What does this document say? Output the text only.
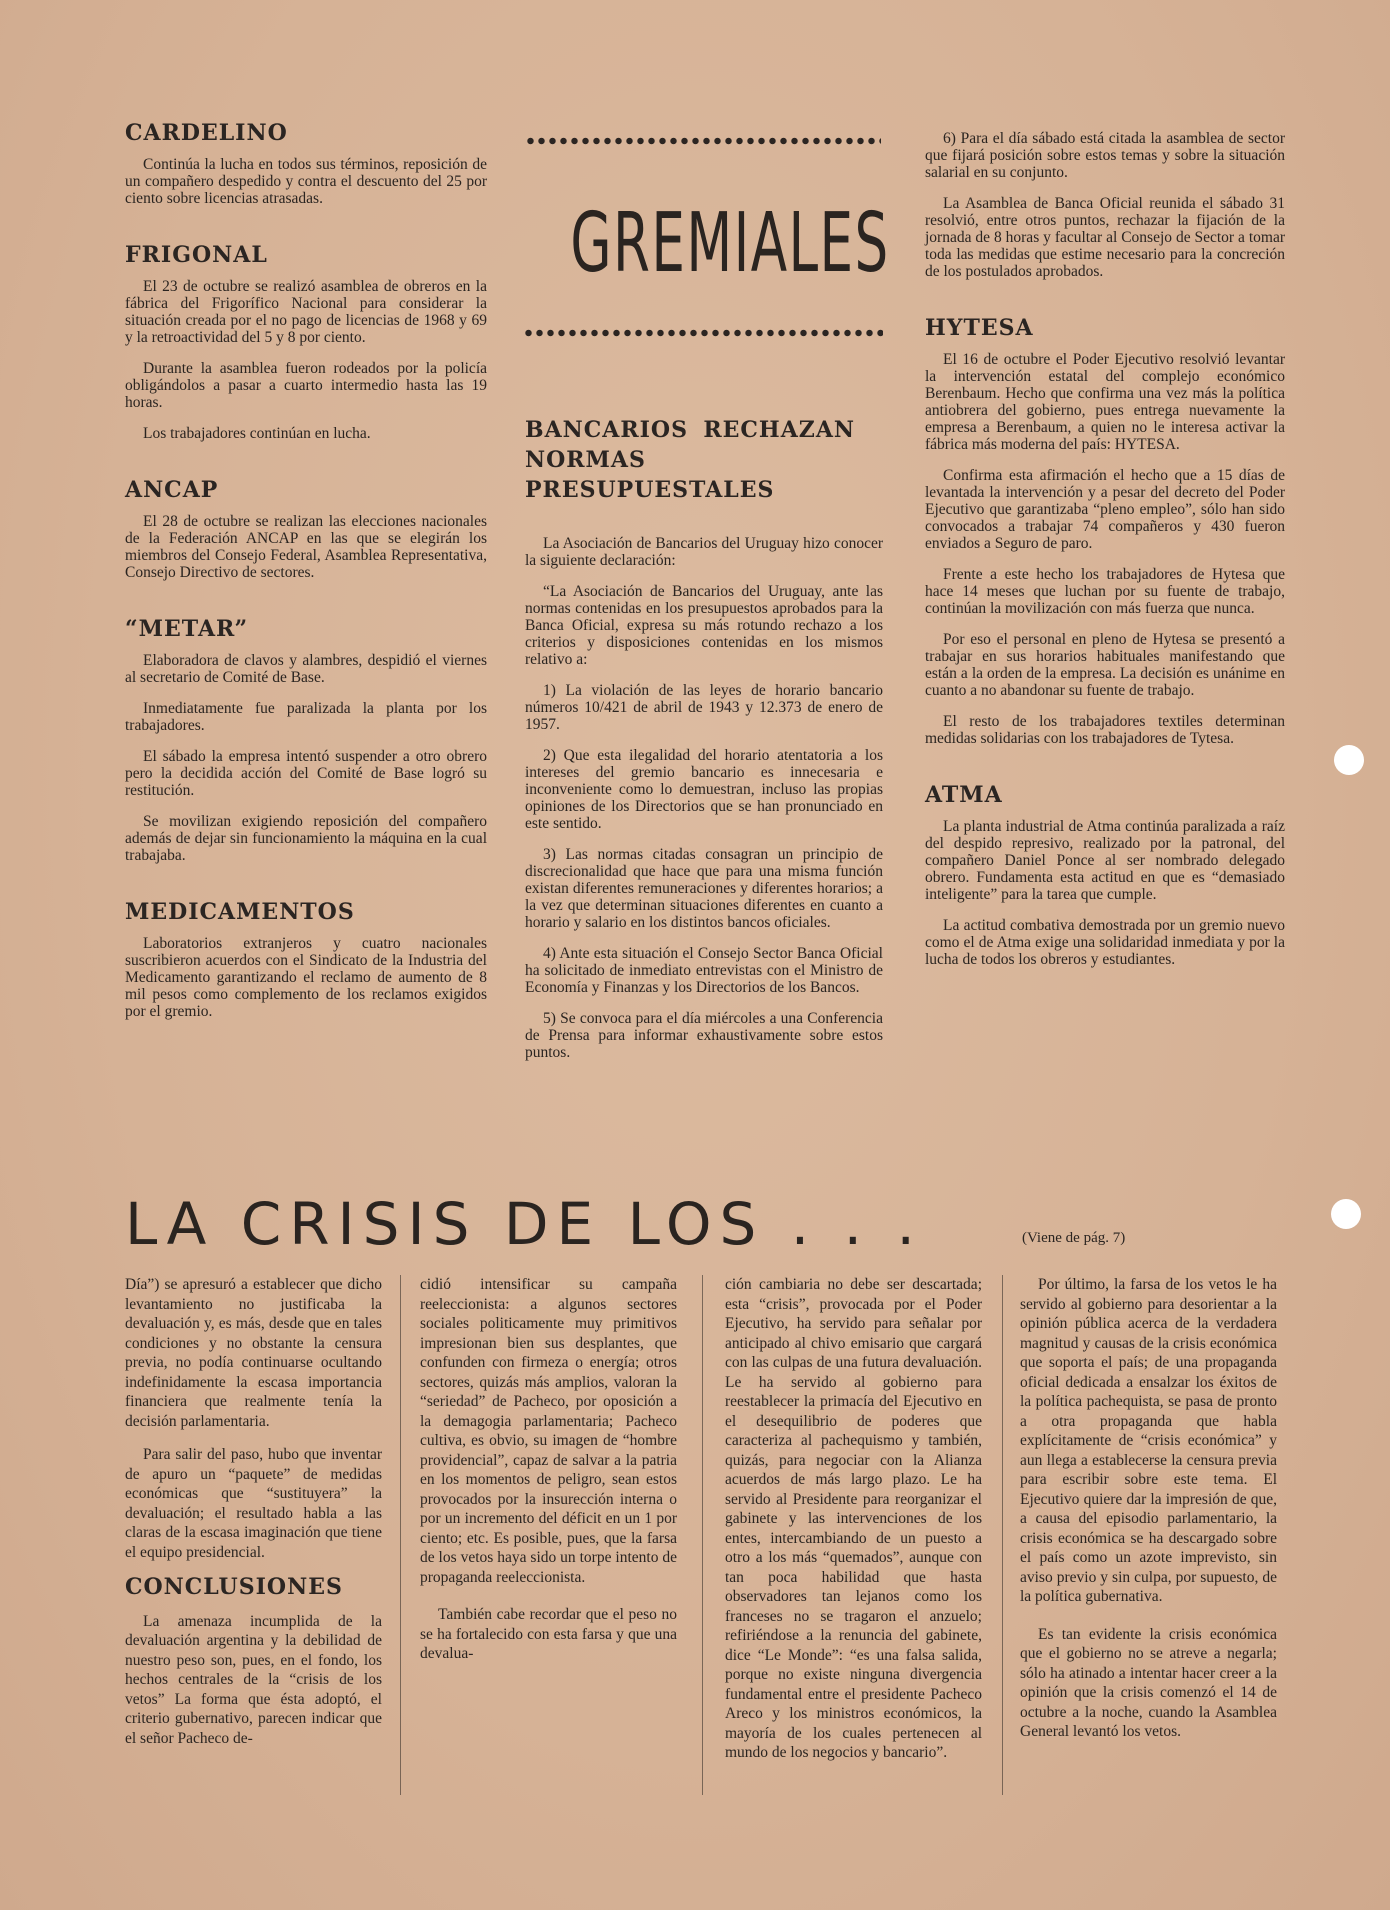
CARDELINO

Continúa la lucha en todos sus términos, reposición de un compañero despedido y contra el descuento del 25 por ciento sobre licencias atrasadas.

FRIGONAL

El 23 de octubre se realizó asamblea de obreros en la fábrica del Frigorífico Nacional para considerar la situación creada por el no pago de licencias de 1968 y 69 y la retroactividad del 5 y 8 por ciento.

Durante la asamblea fueron rodeados por la policía obligándolos a pasar a cuarto intermedio hasta las 19 horas.

Los trabajadores continúan en lucha.

ANCAP

El 28 de octubre se realizan las elecciones nacionales de la Federación ANCAP en las que se elegirán los miembros del Consejo Federal, Asamblea Representativa, Consejo Directivo de sectores.

“METAR”

Elaboradora de clavos y alambres, despidió el viernes al secretario de Comité de Base.

Inmediatamente fue paralizada la planta por los trabajadores.

El sábado la empresa intentó suspender a otro obrero pero la decidida acción del Comité de Base logró su restitución.

Se movilizan exigiendo reposición del compañero además de dejar sin funcionamiento la máquina en la cual trabajaba.

MEDICAMENTOS

Laboratorios extranjeros y cuatro nacionales suscribieron acuerdos con el Sindicato de la Industria del Medicamento garantizando el reclamo de aumento de 8 mil pesos como complemento de los reclamos exigidos por el gremio.

GREMIALES
BANCARIOS RECHAZAN NORMAS PRESUPUESTALES

La Asociación de Bancarios del Uruguay hizo conocer la siguiente declaración:

“La Asociación de Bancarios del Uruguay, ante las normas contenidas en los presupuestos aprobados para la Banca Oficial, expresa su más rotundo rechazo a los criterios y disposiciones contenidas en los mismos relativo a:

1) La violación de las leyes de horario bancario números 10/421 de abril de 1943 y 12.373 de enero de 1957.

2) Que esta ilegalidad del horario atentatoria a los intereses del gremio bancario es innecesaria e inconveniente como lo demuestran, incluso las propias opiniones de los Directorios que se han pronunciado en este sentido.

3) Las normas citadas consagran un principio de discrecionalidad que hace que para una misma función existan diferentes remuneraciones y diferentes horarios; a la vez que determinan situaciones diferentes en cuanto a horario y salario en los distintos bancos oficiales.

4) Ante esta situación el Consejo Sector Banca Oficial ha solicitado de inmediato entrevistas con el Ministro de Economía y Finanzas y los Directorios de los Bancos.

5) Se convoca para el día miércoles a una Conferencia de Prensa para informar exhaustivamente sobre estos puntos.

6) Para el día sábado está citada la asamblea de sector que fijará posición sobre estos temas y sobre la situación salarial en su conjunto.

La Asamblea de Banca Oficial reunida el sábado 31 resolvió, entre otros puntos, rechazar la fijación de la jornada de 8 horas y facultar al Consejo de Sector a tomar toda las medidas que estime necesario para la concreción de los postulados aprobados.

HYTESA

El 16 de octubre el Poder Ejecutivo resolvió levantar la intervención estatal del complejo económico Berenbaum. Hecho que confirma una vez más la política antiobrera del gobierno, pues entrega nuevamente la empresa a Berenbaum, a quien no le interesa activar la fábrica más moderna del país: HYTESA.

Confirma esta afirmación el hecho que a 15 días de levantada la intervención y a pesar del decreto del Poder Ejecutivo que garantizaba “pleno empleo”, sólo han sido convocados a trabajar 74 compañeros y 430 fueron enviados a Seguro de paro.

Frente a este hecho los trabajadores de Hytesa que hace 14 meses que luchan por su fuente de trabajo, continúan la movilización con más fuerza que nunca.

Por eso el personal en pleno de Hytesa se presentó a trabajar en sus horarios habituales manifestando que están a la orden de la empresa. La decisión es unánime en cuanto a no abandonar su fuente de trabajo.

El resto de los trabajadores textiles determinan medidas solidarias con los trabajadores de Tytesa.

ATMA

La planta industrial de Atma continúa paralizada a raíz del despido represivo, realizado por la patronal, del compañero Daniel Ponce al ser nombrado delegado obrero. Fundamenta esta actitud en que es “demasiado inteligente” para la tarea que cumple.

La actitud combativa demostrada por un gremio nuevo como el de Atma exige una solidaridad inmediata y por la lucha de todos los obreros y estudiantes.

LA CRISIS DE LOS . . .	(Viene de pág. 7)

Día”) se apresuró a establecer que dicho levantamiento no justificaba la devaluación y, es más, desde que en tales condiciones y no obstante la censura previa, no podía continuarse ocultando indefinidamente la escasa importancia financiera que realmente tenía la decisión parlamentaria.

Para salir del paso, hubo que inventar de apuro un “paquete” de medidas económicas que “sustituyera” la devaluación; el resultado habla a las claras de la escasa imaginación que tiene el equipo presidencial.

CONCLUSIONES

La amenaza incumplida de la devaluación argentina y la debilidad de nuestro peso son, pues, en el fondo, los hechos centrales de la “crisis de los vetos” La forma que ésta adoptó, el criterio gubernativo, parecen indicar que el señor Pacheco de-

cidió intensificar su campaña reeleccionista: a algunos sectores sociales politicamente muy primitivos impresionan bien sus desplantes, que confunden con firmeza o energía; otros sectores, quizás más amplios, valoran la “seriedad” de Pacheco, por oposición a la demagogia parlamentaria; Pacheco cultiva, es obvio, su imagen de “hombre providencial”, capaz de salvar a la patria en los momentos de peligro, sean estos provocados por la insurección interna o por un incremento del déficit en un 1 por ciento; etc. Es posible, pues, que la farsa de los vetos haya sido un torpe intento de propaganda reeleccionista.

También cabe recordar que el peso no se ha fortalecido con esta farsa y que una devalua-

ción cambiaria no debe ser descartada; esta “crisis”, provocada por el Poder Ejecutivo, ha servido para señalar por anticipado al chivo emisario que cargará con las culpas de una futura devaluación. Le ha servido al gobierno para reestablecer la primacía del Ejecutivo en el desequilibrio de poderes que caracteriza al pachequismo y también, quizás, para negociar con la Alianza acuerdos de más largo plazo. Le ha servido al Presidente para reorganizar el gabinete y las intervenciones de los entes, intercambiando de un puesto a otro a los más “quemados”, aunque con tan poca habilidad que hasta observadores tan lejanos como los franceses no se tragaron el anzuelo; refiriéndose a la renuncia del gabinete, dice “Le Monde”: “es una falsa salida, porque no existe ninguna divergencia fundamental entre el presidente Pacheco Areco y los ministros económicos, la mayoría de los cuales pertenecen al mundo de los negocios y bancario”.

Por último, la farsa de los vetos le ha servido al gobierno para desorientar a la opinión pública acerca de la verdadera magnitud y causas de la crisis económica que soporta el país; de una propaganda oficial dedicada a ensalzar los éxitos de la política pachequista, se pasa de pronto a otra propaganda que habla explícitamente de “crisis económica” y aun llega a establecerse la censura previa para escribir sobre este tema. El Ejecutivo quiere dar la impresión de que, a causa del episodio parlamentario, la crisis económica se ha descargado sobre el país como un azote imprevisto, sin aviso previo y sin culpa, por supuesto, de la política gubernativa.

Es tan evidente la crisis económica que el gobierno no se atreve a negarla; sólo ha atinado a intentar hacer creer a la opinión que la crisis comenzó el 14 de octubre a la noche, cuando la Asamblea General levantó los vetos.
